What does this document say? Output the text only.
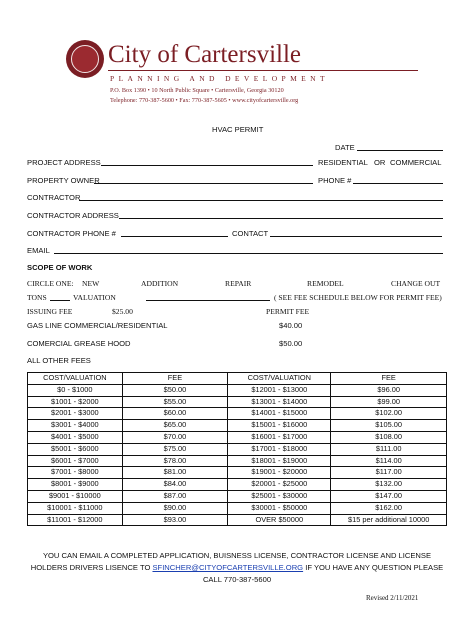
City of Cartersville
PLANNING AND DEVELOPMENT
P.O. Box 1390 • 10 North Public Square • Cartersville, Georgia 30120
Telephone: 770-387-5600 • Fax: 770-387-5605 • www.cityofcartersville.org
HVAC PERMIT
DATE
PROJECT ADDRESS	RESIDENTIAL OR COMMERCIAL
PROPERTY OWNER	PHONE #
CONTRACTOR
CONTRACTOR ADDRESS
CONTRACTOR PHONE #	CONTACT
EMAIL
SCOPE OF WORK
CIRCLE ONE: NEW	ADDITION	REPAIR	REMODEL	CHANGE OUT
TONS	VALUATION	( SEE FEE SCHEDULE BELOW FOR PERMIT FEE)
ISSUING FEE	$25.00	PERMIT FEE
GAS LINE COMMERCIAL/RESIDENTIAL	$40.00
COMERCIAL GREASE HOOD	$50.00
ALL OTHER FEES
COST/VALUATION	FEE	COST/VALUATION	FEE
$0 - $1000	$50.00	$12001 - $13000	$96.00
$1001 - $2000	$55.00	$13001 - $14000	$99.00
$2001 - $3000	$60.00	$14001 - $15000	$102.00
$3001 - $4000	$65.00	$15001 - $16000	$105.00
$4001 - $5000	$70.00	$16001 - $17000	$108.00
$5001 - $6000	$75.00	$17001 - $18000	$111.00
$6001 - $7000	$78.00	$18001 - $19000	$114.00
$7001 - $8000	$81.00	$19001 - $20000	$117.00
$8001 - $9000	$84.00	$20001 - $25000	$132.00
$9001 - $10000	$87.00	$25001 - $30000	$147.00
$10001 - $11000	$90.00	$30001 - $50000	$162.00
$11001 - $12000	$93.00	OVER $50000	$15 per additional 10000
YOU CAN EMAIL A COMPLETED APPLICATION, BUISNESS LICENSE, CONTRACTOR LICENSE AND LICENSE
HOLDERS DRIVERS LISENCE TO SFINCHER@CITYOFCARTERSVILLE.ORG IF YOU HAVE ANY QUESTION PLEASE
CALL 770-387-5600
Revised 2/11/2021
